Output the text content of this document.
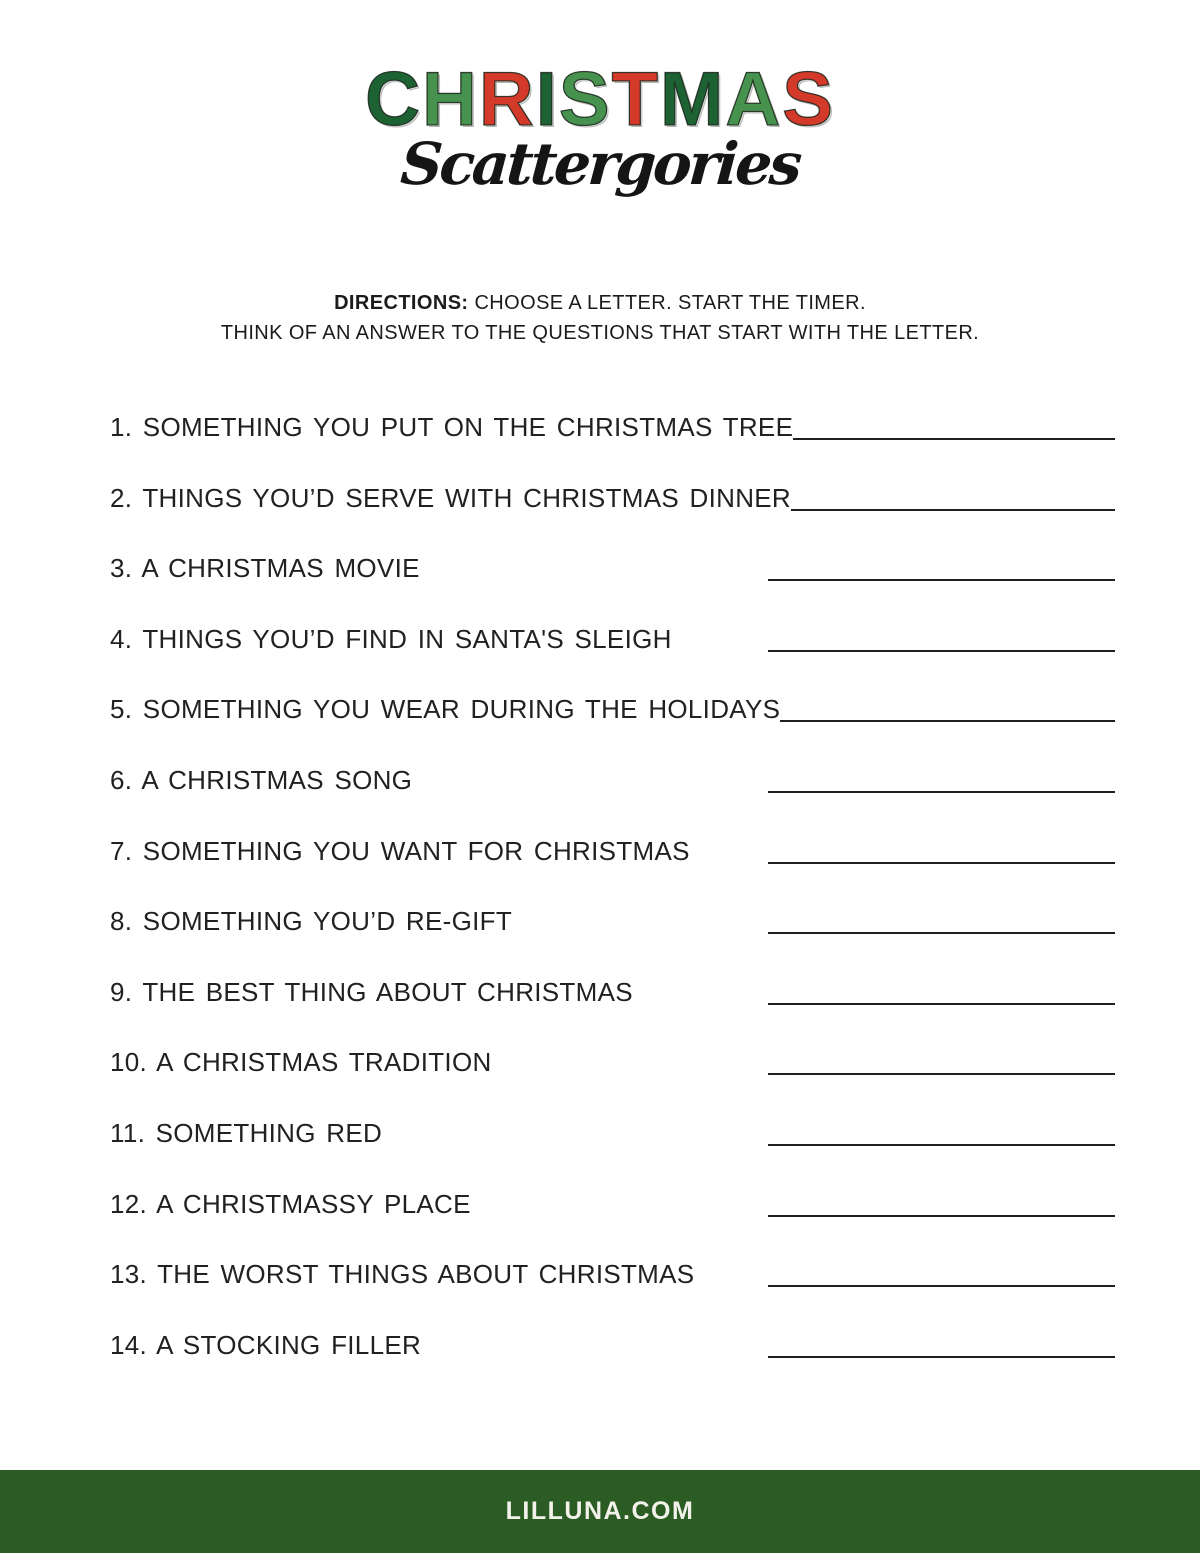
CHRISTMAS
Scattergories

DIRECTIONS: CHOOSE A LETTER. START THE TIMER.
THINK OF AN ANSWER TO THE QUESTIONS THAT START WITH THE LETTER.

1. SOMETHING YOU PUT ON THE CHRISTMAS TREE
2. THINGS YOU’D SERVE WITH CHRISTMAS DINNER
3. A CHRISTMAS MOVIE
4. THINGS YOU’D FIND IN SANTA'S SLEIGH
5. SOMETHING YOU WEAR DURING THE HOLIDAYS
6. A CHRISTMAS SONG
7. SOMETHING YOU WANT FOR CHRISTMAS
8. SOMETHING YOU’D RE-GIFT
9. THE BEST THING ABOUT CHRISTMAS
10. A CHRISTMAS TRADITION
11. SOMETHING RED
12. A CHRISTMASSY PLACE
13. THE WORST THINGS ABOUT CHRISTMAS
14. A STOCKING FILLER
LILLUNA.COM
